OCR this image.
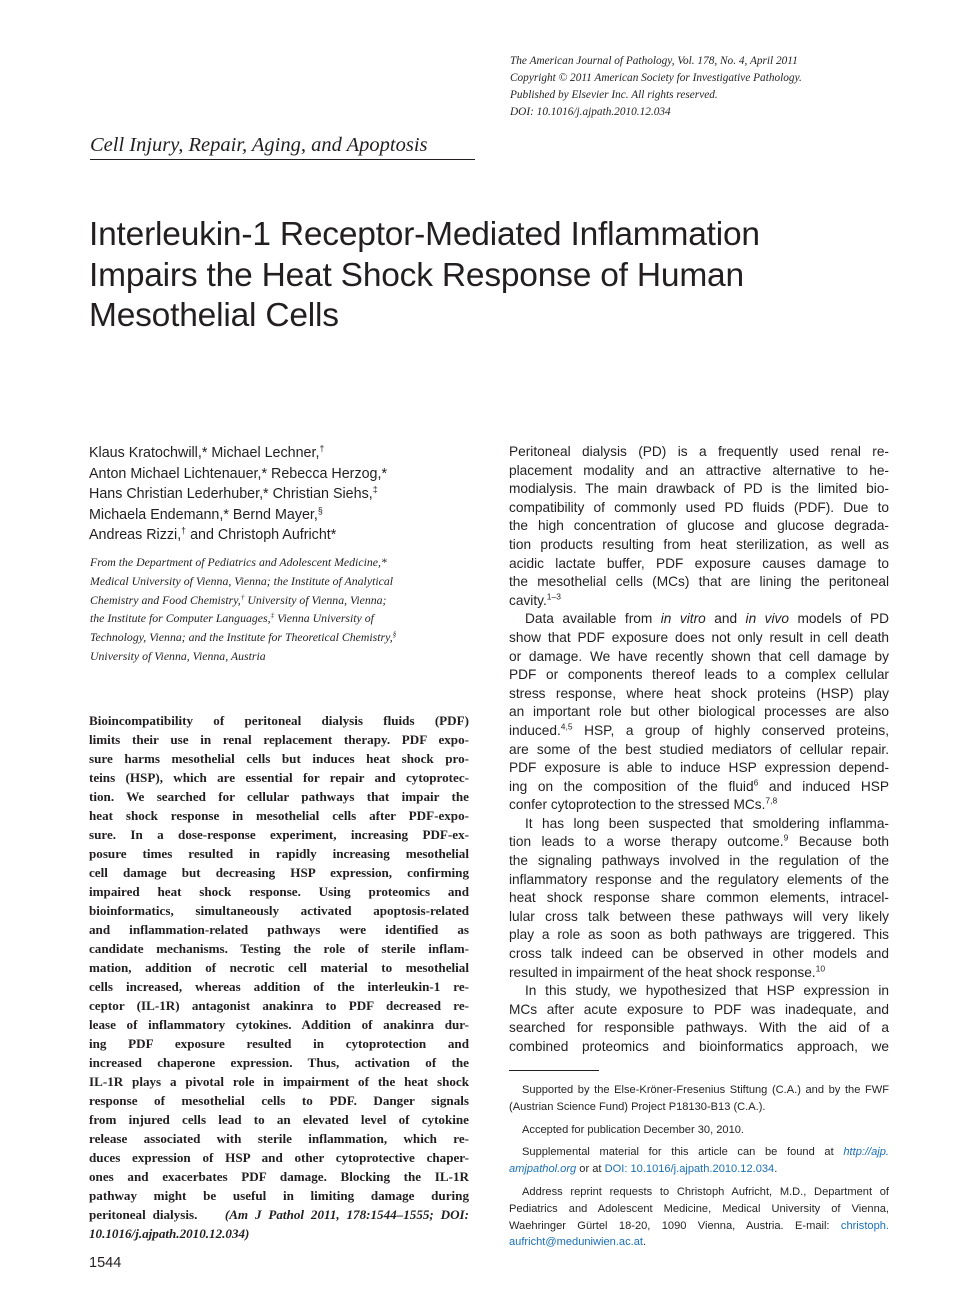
The American Journal of Pathology, Vol. 178, No. 4, April 2011
Copyright © 2011 American Society for Investigative Pathology.
Published by Elsevier Inc. All rights reserved.
DOI: 10.1016/j.ajpath.2010.12.034
Cell Injury, Repair, Aging, and Apoptosis
Interleukin-1 Receptor-Mediated Inflammation
Impairs the Heat Shock Response of Human
Mesothelial Cells
Klaus Kratochwill,* Michael Lechner,†
Anton Michael Lichtenauer,* Rebecca Herzog,*
Hans Christian Lederhuber,* Christian Siehs,‡
Michaela Endemann,* Bernd Mayer,§
Andreas Rizzi,† and Christoph Aufricht*
From the Department of Pediatrics and Adolescent Medicine,*
Medical University of Vienna, Vienna; the Institute of Analytical
Chemistry and Food Chemistry,† University of Vienna, Vienna;
the Institute for Computer Languages,‡ Vienna University of
Technology, Vienna; and the Institute for Theoretical Chemistry,§
University of Vienna, Vienna, Austria
Bioincompatibility of peritoneal dialysis fluids (PDF)
limits their use in renal replacement therapy. PDF expo-
sure harms mesothelial cells but induces heat shock pro-
teins (HSP), which are essential for repair and cytoprotec-
tion. We searched for cellular pathways that impair the
heat shock response in mesothelial cells after PDF-expo-
sure. In a dose-response experiment, increasing PDF-ex-
posure times resulted in rapidly increasing mesothelial
cell damage but decreasing HSP expression, confirming
impaired heat shock response. Using proteomics and
bioinformatics, simultaneously activated apoptosis-related
and inflammation-related pathways were identified as
candidate mechanisms. Testing the role of sterile inflam-
mation, addition of necrotic cell material to mesothelial
cells increased, whereas addition of the interleukin-1 re-
ceptor (IL-1R) antagonist anakinra to PDF decreased re-
lease of inflammatory cytokines. Addition of anakinra dur-
ing PDF exposure resulted in cytoprotection and
increased chaperone expression. Thus, activation of the
IL-1R plays a pivotal role in impairment of the heat shock
response of mesothelial cells to PDF. Danger signals
from injured cells lead to an elevated level of cytokine
release associated with sterile inflammation, which re-
duces expression of HSP and other cytoprotective chaper-
ones and exacerbates PDF damage. Blocking the IL-1R
pathway might be useful in limiting damage during
peritoneal dialysis. (Am J Pathol 2011, 178:1544–1555; DOI:
10.1016/j.ajpath.2010.12.034)
Peritoneal dialysis (PD) is a frequently used renal re-
placement modality and an attractive alternative to he-
modialysis. The main drawback of PD is the limited bio-
compatibility of commonly used PD fluids (PDF). Due to
the high concentration of glucose and glucose degrada-
tion products resulting from heat sterilization, as well as
acidic lactate buffer, PDF exposure causes damage to
the mesothelial cells (MCs) that are lining the peritoneal
cavity.$^{1-3}$
Data available from in vitro and in vivo models of PD
show that PDF exposure does not only result in cell death
or damage. We have recently shown that cell damage by
PDF or components thereof leads to a complex cellular
stress response, where heat shock proteins (HSP) play
an important role but other biological processes are also
induced.$^{4,5}$ HSP, a group of highly conserved proteins,
are some of the best studied mediators of cellular repair.
PDF exposure is able to induce HSP expression depend-
ing on the composition of the fluid$^6$ and induced HSP
confer cytoprotection to the stressed MCs.$^{7,8}$
It has long been suspected that smoldering inflamma-
tion leads to a worse therapy outcome.$^9$ Because both
the signaling pathways involved in the regulation of the
inflammatory response and the regulatory elements of the
heat shock response share common elements, intracel-
lular cross talk between these pathways will very likely
play a role as soon as both pathways are triggered. This
cross talk indeed can be observed in other models and
resulted in impairment of the heat shock response.$^{10}$
In this study, we hypothesized that HSP expression in
MCs after acute exposure to PDF was inadequate, and
searched for responsible pathways. With the aid of a
combined proteomics and bioinformatics approach, we
Supported by the Else-Kröner-Fresenius Stiftung (C.A.) and by the FWF
(Austrian Science Fund) Project P18130-B13 (C.A.).
Accepted for publication December 30, 2010.
Supplemental material for this article can be found at http://ajp.
amjpathol.org or at DOI: 10.1016/j.ajpath.2010.12.034.
Address reprint requests to Christoph Aufricht, M.D., Department of
Pediatrics and Adolescent Medicine, Medical University of Vienna,
Waehringer Gürtel 18-20, 1090 Vienna, Austria. E-mail: christoph.
aufricht@meduniwien.ac.at.
1544
